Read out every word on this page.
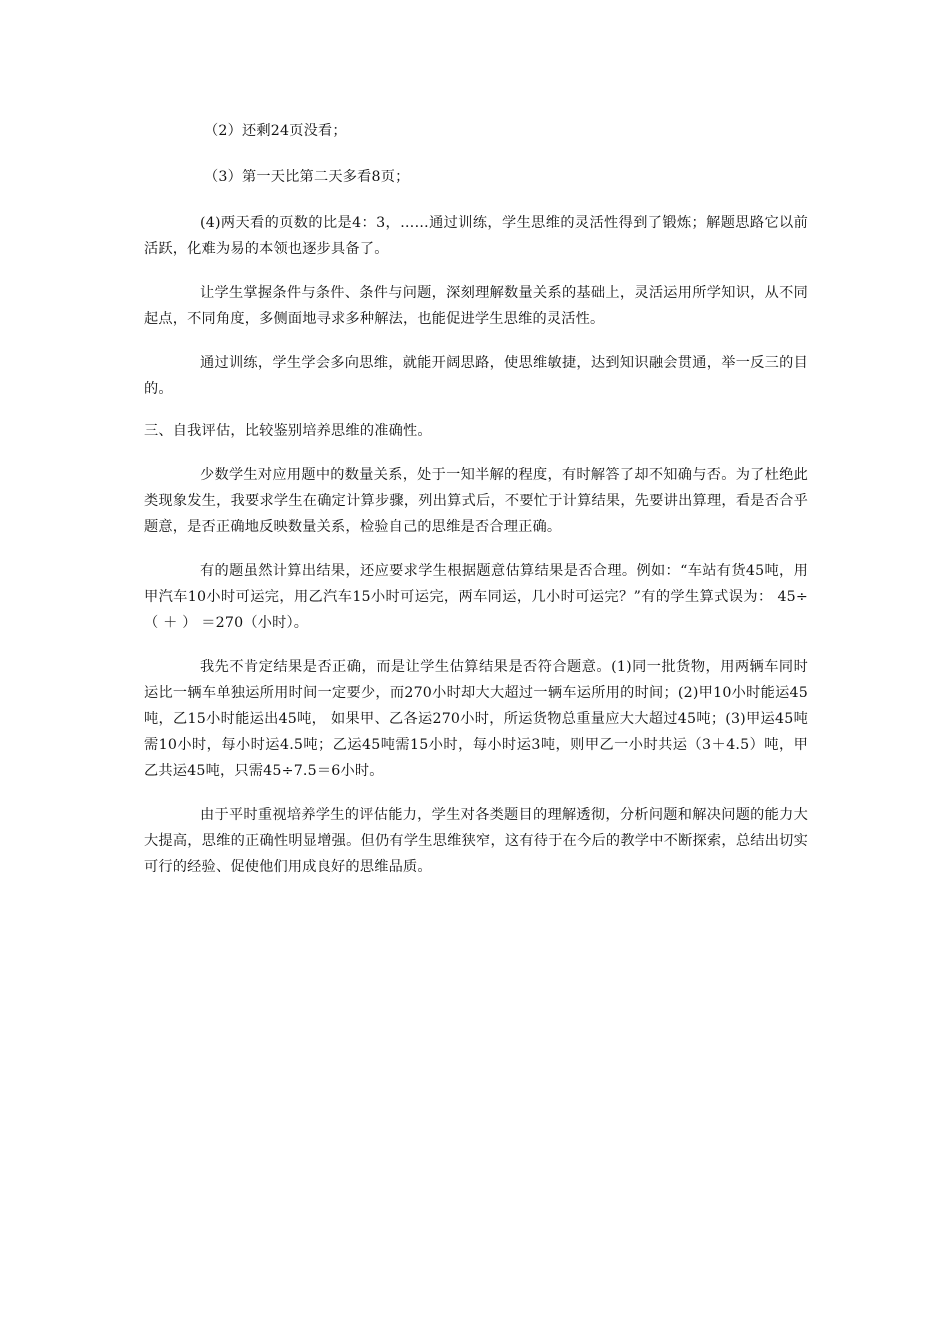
（2）还剩24页没看；

（3）第一天比第二天多看8页；

(4)两天看的页数的比是4：3，……通过训练，学生思维的灵活性得到了锻炼；解题思路它以前活跃，化难为易的本领也逐步具备了。

让学生掌握条件与条件、条件与问题，深刻理解数量关系的基础上，灵活运用所学知识，从不同起点，不同角度，多侧面地寻求多种解法，也能促进学生思维的灵活性。

通过训练，学生学会多向思维，就能开阔思路，使思维敏捷，达到知识融会贯通，举一反三的目的。

三、自我评估，比较鉴别培养思维的准确性。

少数学生对应用题中的数量关系，处于一知半解的程度，有时解答了却不知确与否。为了杜绝此类现象发生，我要求学生在确定计算步骤，列出算式后，不要忙于计算结果，先要讲出算理，看是否合乎题意，是否正确地反映数量关系，检验自己的思维是否合理正确。

有的题虽然计算出结果，还应要求学生根据题意估算结果是否合理。例如：“车站有货45吨，用甲汽车10小时可运完，用乙汽车15小时可运完，两车同运，几小时可运完？”有的学生算式误为： 45÷（ ＋ ） ＝270（小时）。

我先不肯定结果是否正确，而是让学生估算结果是否符合题意。(1)同一批货物，用两辆车同时运比一辆车单独运所用时间一定要少，而270小时却大大超过一辆车运所用的时间；(2)甲10小时能运45吨，乙15小时能运出45吨， 如果甲、乙各运270小时，所运货物总重量应大大超过45吨；(3)甲运45吨需10小时，每小时运4.5吨；乙运45吨需15小时，每小时运3吨，则甲乙一小时共运（3＋4.5）吨，甲乙共运45吨，只需45÷7.5＝6小时。

由于平时重视培养学生的评估能力，学生对各类题目的理解透彻，分析问题和解决问题的能力大大提高，思维的正确性明显增强。但仍有学生思维狭窄，这有待于在今后的教学中不断探索，总结出切实可行的经验、促使他们用成良好的思维品质。
